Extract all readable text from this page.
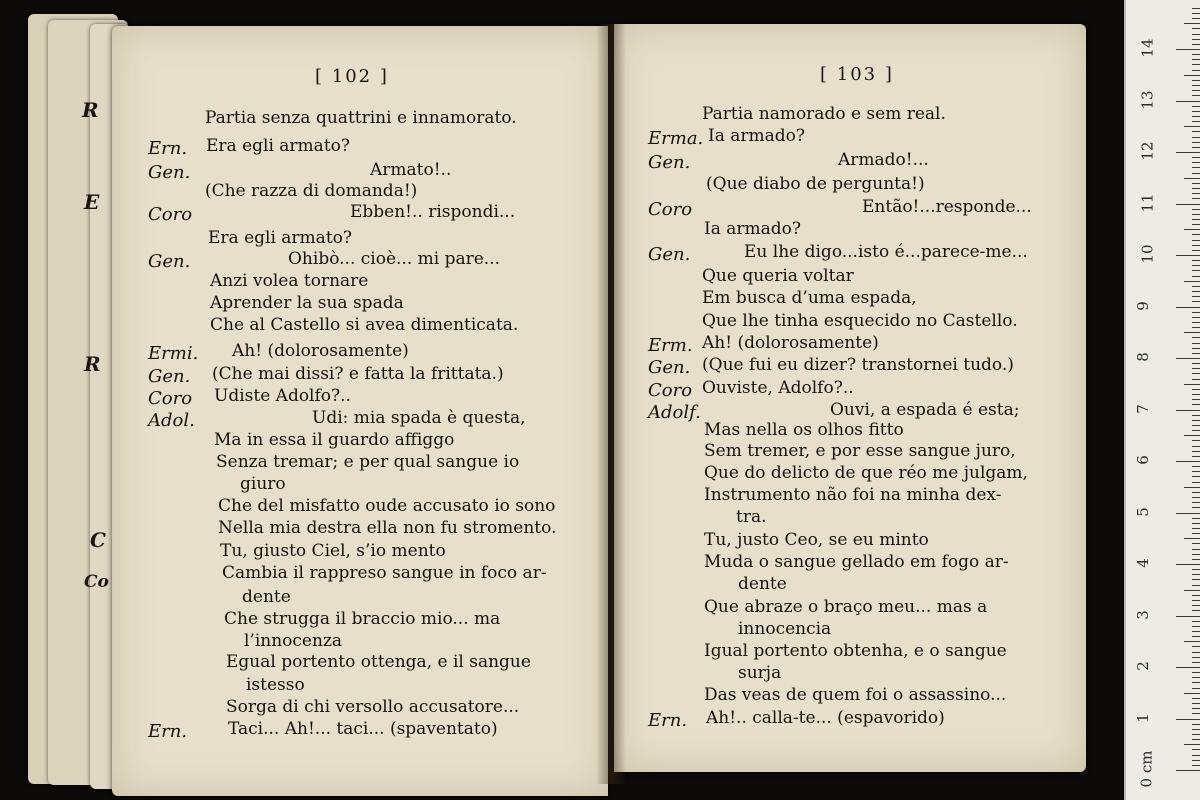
R
E
R
C
Co
[ 102 ]	[ 103 ]
Partia senza quattrini e innamorato.
Ern. Era egli armato?
Gen.	Armato!..
(Che razza di domanda!)
Coro	Ebben!.. rispondi...
Era egli armato?
Gen.	Ohibò... cioè... mi pare...
Anzi volea tornare
Aprender la sua spada
Che al Castello si avea dimenticata.
Ermi. Ah! (dolorosamente)
Gen. (Che mai dissi? e fatta la frittata.)
Coro Udiste Adolfo?..
Adol.	Udi: mia spada è questa,
Ma in essa il guardo affiggo
Senza tremar; e per qual sangue io
giuro
Che del misfatto oude accusato io sono
Nella mia destra ella non fu stromento.
Tu, giusto Ciel, s’io mento
Cambia il rappreso sangue in foco ar-
dente
Che strugga il braccio mio... ma
l’innocenza
Egual portento ottenga, e il sangue
istesso
Sorga di chi versollo accusatore...
Ern. Taci... Ah!... taci... (spaventato)
Partia namorado e sem real.
Erma. Ia armado?
Gen.	Armado!...
(Que diabo de pergunta!)
Coro	Então!...responde...
Ia armado?
Gen.	Eu lhe digo...isto é...parece-me...
Que queria voltar
Em busca d’uma espada,
Que lhe tinha esquecido no Castello.
Erm. Ah! (dolorosamente)
Gen. (Que fui eu dizer? transtornei tudo.)
Coro Ouviste, Adolfo?..
Adolf.	Ouvi, a espada é esta;
Mas nella os olhos fitto
Sem tremer, e por esse sangue juro,
Que do delicto de que réo me julgam,
Instrumento não foi na minha dex-
tra.
Tu, justo Ceo, se eu minto
Muda o sangue gellado em fogo ar-
dente
Que abraze o braço meu... mas a
innocencia
Igual portento obtenha, e o sangue
surja
Das veas de quem foi o assassino...
Ern. Ah!.. calla-te... (espavorido)
0 cm
1
2
3
4
5
6
7
8
9
10
11
12
13
14
